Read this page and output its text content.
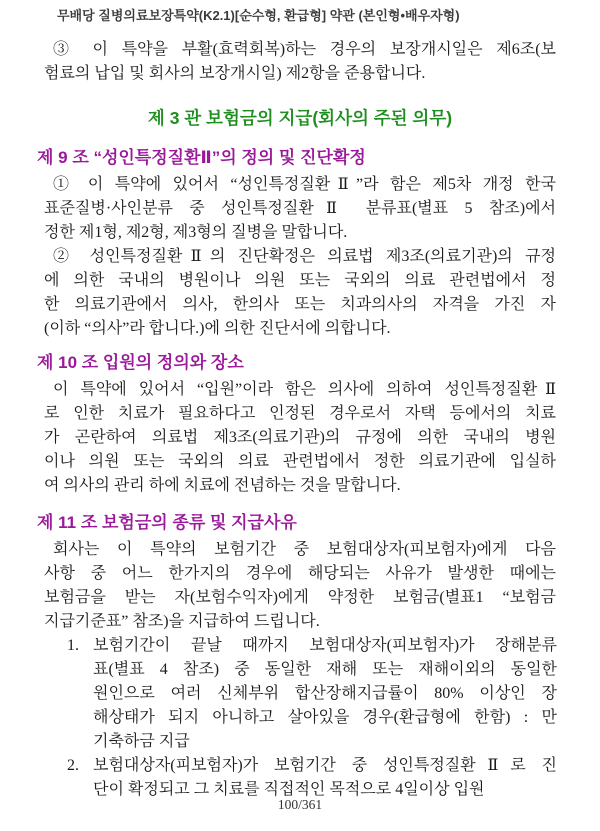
무배당 질병의료보장특약(K2.1)[순수형, 환급형] 약관 (본인형•배우자형)
③ 이 특약을 부활(효력회복)하는 경우의 보장개시일은 제6조(보
험료의 납입 및 회사의 보장개시일) 제2항을 준용합니다.
제 3 관 보험금의 지급(회사의 주된 의무)
제 9 조 “성인특정질환Ⅱ”의 정의 및 진단확정
① 이 특약에 있어서 “성인특정질환Ⅱ”라 함은 제5차 개정 한국
표준질병·사인분류 중 성인특정질환Ⅱ 분류표(별표 5 참조)에서
정한 제1형, 제2형, 제3형의 질병을 말합니다.
② 성인특정질환Ⅱ의 진단확정은 의료법 제3조(의료기관)의 규정
에 의한 국내의 병원이나 의원 또는 국외의 의료 관련법에서 정
한 의료기관에서 의사, 한의사 또는 치과의사의 자격을 가진 자
(이하 “의사”라 합니다.)에 의한 진단서에 의합니다.
제 10 조 입원의 정의와 장소
이 특약에 있어서 “입원”이라 함은 의사에 의하여 성인특정질환Ⅱ
로 인한 치료가 필요하다고 인정된 경우로서 자택 등에서의 치료
가 곤란하여 의료법 제3조(의료기관)의 규정에 의한 국내의 병원
이나 의원 또는 국외의 의료 관련법에서 정한 의료기관에 입실하
여 의사의 관리 하에 치료에 전념하는 것을 말합니다.
제 11 조 보험금의 종류 및 지급사유
회사는 이 특약의 보험기간 중 보험대상자(피보험자)에게 다음
사항 중 어느 한가지의 경우에 해당되는 사유가 발생한 때에는
보험금을 받는 자(보험수익자)에게 약정한 보험금(별표1 “보험금
지급기준표” 참조)을 지급하여 드립니다.
1. 보험기간이 끝날 때까지 보험대상자(피보험자)가 장해분류
표(별표 4 참조) 중 동일한 재해 또는 재해이외의 동일한
원인으로 여러 신체부위 합산장해지급률이 80% 이상인 장
해상태가 되지 아니하고 살아있을 경우(환급형에 한함) : 만
기축하금 지급
2. 보험대상자(피보험자)가 보험기간 중 성인특정질환Ⅱ로 진
단이 확정되고 그 치료를 직접적인 목적으로 4일이상 입원
100/361
